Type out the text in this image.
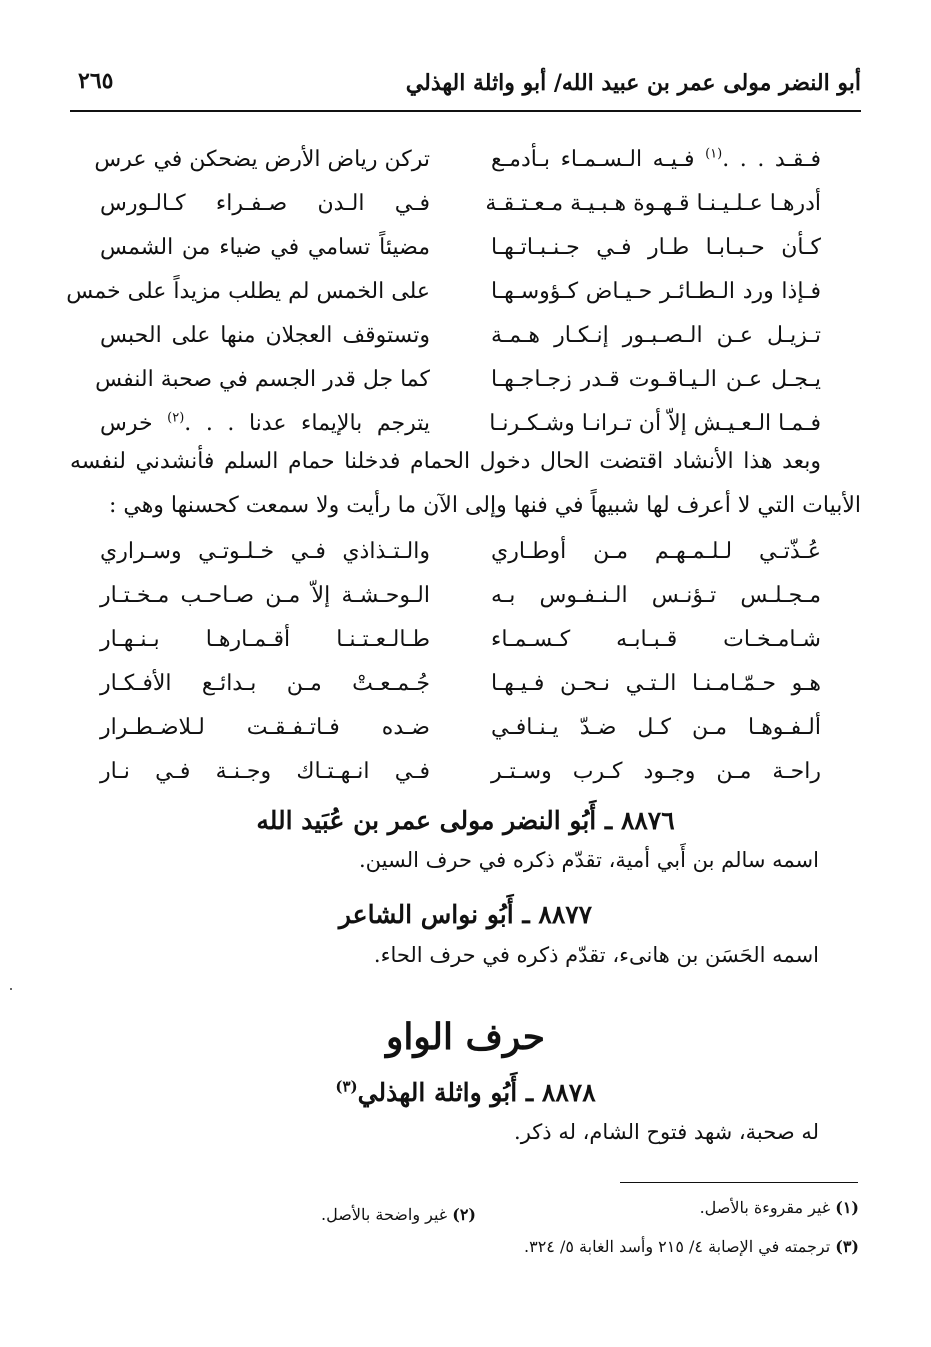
أبو النضر مولى عمر بن عبيد الله/ أبو واثلة الهذلي
٢٦٥
فـقـد . . .$^{(١)}$ فـيـه الـسـمـاء بـأدمـع
تركن رياض الأرض يضحكن في عرس
أدرهـا عـلـيـنـا قـهـوة هـبـيـة مـعـتـقـة
فـي الـدن صـفـراء كـالـورس
كـأن حـبـابـا طـار فـي جـنـبـاتـهـا
مضيئاً تسامي في ضياء من الشمس
فـإذا ورد الـطـائـر حـيـاض كـؤوسـهـا
على الخمس لم يطلب مزيداً على خمس
تـزيـل عـن الـصـبـور إنـكـار هـمـة
وتستوقف العجلان منها على الحبس
يـجـل عـن الـيـاقـوت قـدر زجـاجـهـا
كما جل قدر الجسم في صحبة النفس
فـمـا الـعـيـش إلاّ أن تـرانـا وشـكـرنـا
يترجم بالإيماء عدنا . . .$^{(٢)}$ خرس

وبعد هذا الأنشاد اقتضت الحال دخول الحمام فدخلنا حمام السلم فأنشدني لنفسه الأبيات التي لا أعرف لها شبيهاً في فنها وإلى الآن ما رأيت ولا سمعت كحسنها وهي :

عُـذّتـي لـلـمـهـم مـن أوطـاري
والـتـذاذي فـي خـلـوتـي وسـراري
مـجـلـس تـؤنـس الـنـفـوس بـه
الـوحـشـة إلاّ مـن صـاحـب مـخـتـار
شـامـخـات قـبـابـه كـسـمـاء
طـالـعـتـنـا أقـمـارهـا بـنـهـار
هـو حـمّـامـنـا الـتـي نـحـن فـيـهـا
جُـمـعـتْ مـن بـدائـع الأفـكـار
ألـفـوهـا مـن كـل ضـدّ يـنـافـي
ضـده فـاتـفـقـت لـلاضـطـرار
راحـة مـن وجـود كـرب وسـتـر
فـي انـهـتـاك وجـنـة فـي نـار
٨٨٧٦ ـ أَبُو النضر مولى عمر بن عُبَيد الله
اسمه سالم بن أَبي أمية، تقدّم ذكره في حرف السين.
٨٨٧٧ ـ أَبُو نواس الشاعر
اسمه الحَسَن بن هانىء، تقدّم ذكره في حرف الحاء.
حرف الواو
٨٨٧٨ ـ أَبُو واثلة الهذلي$^{(٣)}$
له صحبة، شهد فتوح الشام، له ذكر.
(١) غير مقروءة بالأصل.
(٢) غير واضحة بالأصل.
(٣) ترجمته في الإصابة ٤/ ٢١٥ وأسد الغابة ٥/ ٣٢٤.
